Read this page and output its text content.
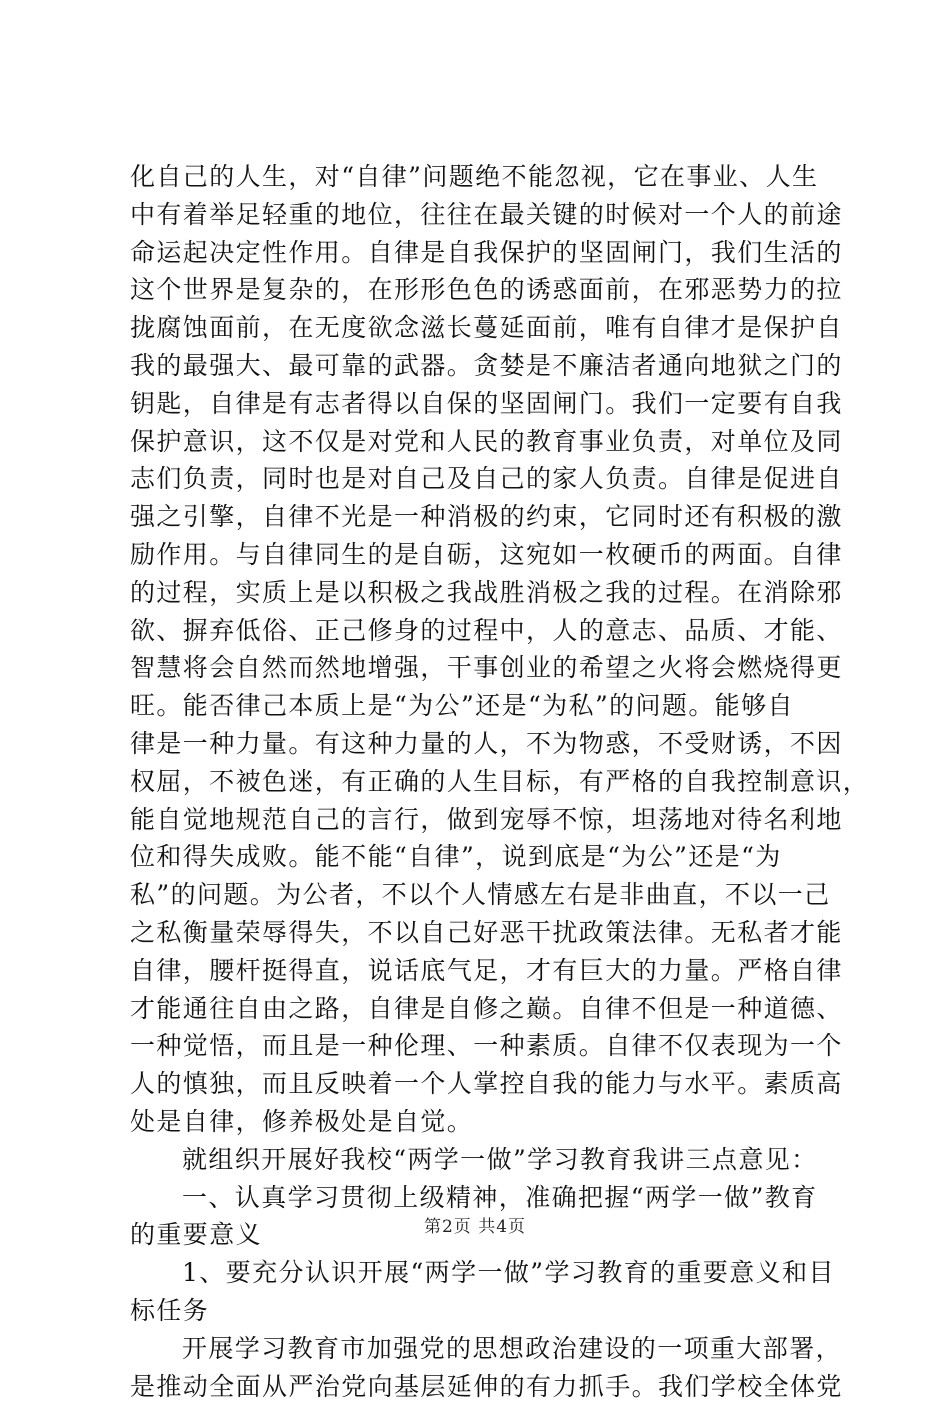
化自己的人生，对“自律”问题绝不能忽视，它在事业、人生
中有着举足轻重的地位，往往在最关键的时候对一个人的前途
命运起决定性作用。自律是自我保护的坚固闸门，我们生活的
这个世界是复杂的，在形形色色的诱惑面前，在邪恶势力的拉
拢腐蚀面前，在无度欲念滋长蔓延面前，唯有自律才是保护自
我的最强大、最可靠的武器。贪婪是不廉洁者通向地狱之门的
钥匙，自律是有志者得以自保的坚固闸门。我们一定要有自我
保护意识，这不仅是对党和人民的教育事业负责，对单位及同
志们负责，同时也是对自己及自己的家人负责。自律是促进自
强之引擎，自律不光是一种消极的约束，它同时还有积极的激
励作用。与自律同生的是自砺，这宛如一枚硬币的两面。自律
的过程，实质上是以积极之我战胜消极之我的过程。在消除邪
欲、摒弃低俗、正己修身的过程中，人的意志、品质、才能、
智慧将会自然而然地增强，干事创业的希望之火将会燃烧得更
旺。能否律己本质上是“为公”还是“为私”的问题。能够自
律是一种力量。有这种力量的人，不为物惑，不受财诱，不因
权屈，不被色迷，有正确的人生目标，有严格的自我控制意识，
能自觉地规范自己的言行，做到宠辱不惊，坦荡地对待名利地
位和得失成败。能不能“自律”，说到底是“为公”还是“为
私”的问题。为公者，不以个人情感左右是非曲直，不以一己
之私衡量荣辱得失，不以自己好恶干扰政策法律。无私者才能
自律，腰杆挺得直，说话底气足，才有巨大的力量。严格自律
才能通往自由之路，自律是自修之巅。自律不但是一种道德、
一种觉悟，而且是一种伦理、一种素质。自律不仅表现为一个
人的慎独，而且反映着一个人掌控自我的能力与水平。素质高
处是自律，修养极处是自觉。
就组织开展好我校“两学一做”学习教育我讲三点意见：
一、认真学习贯彻上级精神，准确把握“两学一做”教育
的重要意义
1、要充分认识开展“两学一做”学习教育的重要意义和目
标任务
开展学习教育市加强党的思想政治建设的一项重大部署，
是推动全面从严治党向基层延伸的有力抓手。我们学校全体党
第2页 共4页
